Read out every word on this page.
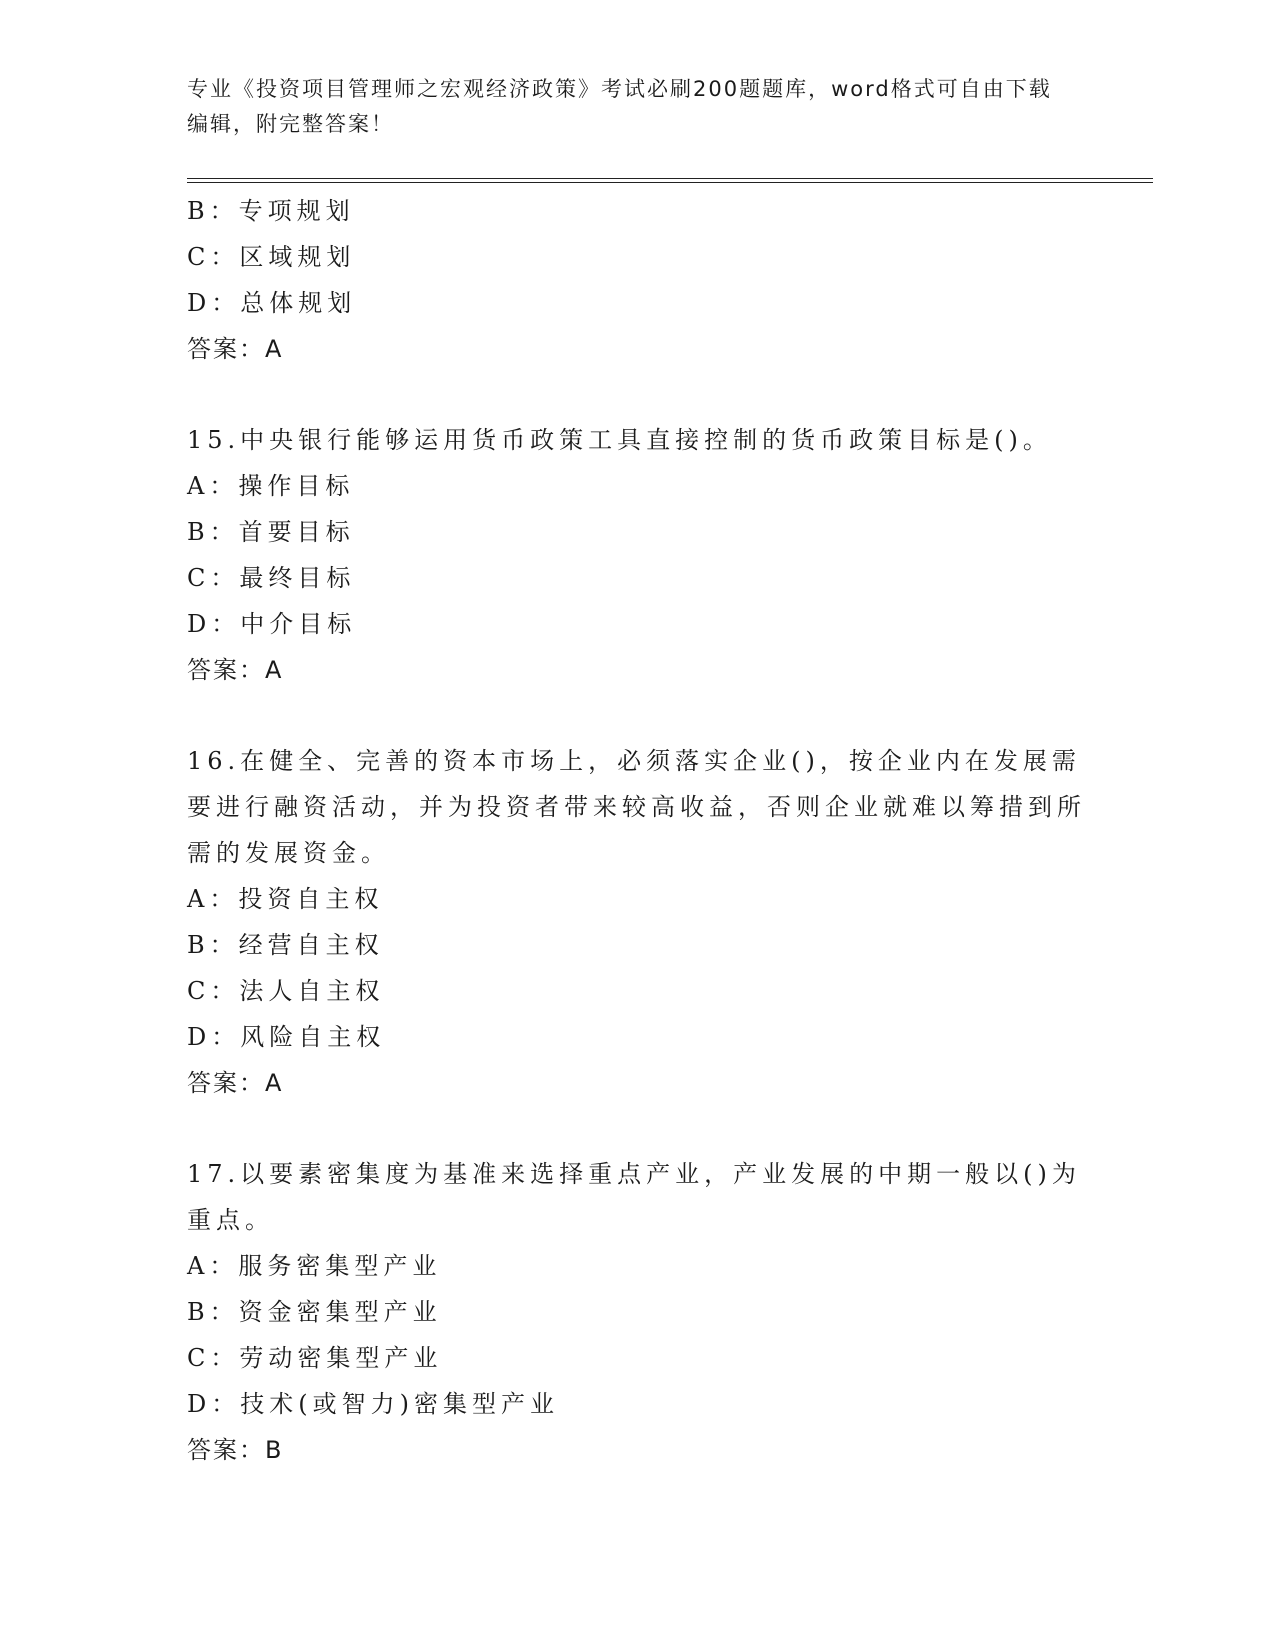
专业《投资项目管理师之宏观经济政策》考试必刷200题题库，word格式可自由下载编辑，附完整答案！
B：专项规划
C：区域规划
D：总体规划
答案：A
15.中央银行能够运用货币政策工具直接控制的货币政策目标是()。
A：操作目标
B：首要目标
C：最终目标
D：中介目标
答案：A
16.在健全、完善的资本市场上，必须落实企业()，按企业内在发展需要进行融资活动，并为投资者带来较高收益，否则企业就难以筹措到所需的发展资金。
A：投资自主权
B：经营自主权
C：法人自主权
D：风险自主权
答案：A
17.以要素密集度为基准来选择重点产业，产业发展的中期一般以()为重点。
A：服务密集型产业
B：资金密集型产业
C：劳动密集型产业
D：技术(或智力)密集型产业
答案：B
